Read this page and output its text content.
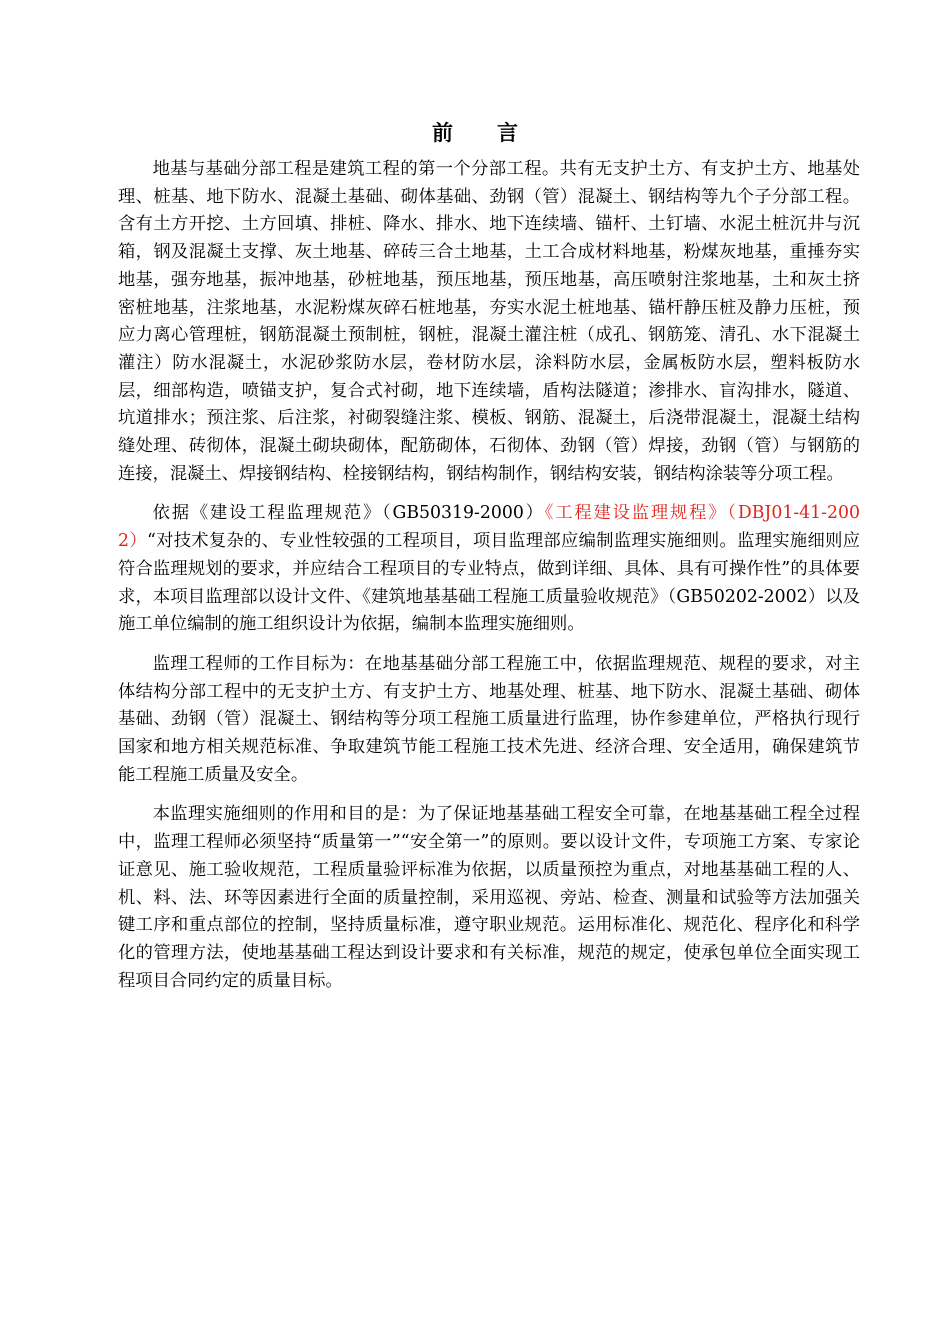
前 言

地基与基础分部工程是建筑工程的第一个分部工程。共有无支护土方、有支护土方、地基处理、桩基、地下防水、混凝土基础、砌体基础、劲钢（管）混凝土、钢结构等九个子分部工程。含有土方开挖、土方回填、排桩、降水、排水、地下连续墙、锚杆、土钉墙、水泥土桩沉井与沉箱，钢及混凝土支撑、灰土地基、碎砖三合土地基，土工合成材料地基，粉煤灰地基，重捶夯实地基，强夯地基，振冲地基，砂桩地基，预压地基，预压地基，高压喷射注浆地基，土和灰土挤密桩地基，注浆地基，水泥粉煤灰碎石桩地基，夯实水泥土桩地基、锚杆静压桩及静力压桩，预应力离心管理桩，钢筋混凝土预制桩，钢桩，混凝土灌注桩（成孔、钢筋笼、清孔、水下混凝土灌注）防水混凝土，水泥砂浆防水层，卷材防水层，涂料防水层，金属板防水层，塑料板防水层，细部构造，喷锚支护，复合式衬砌，地下连续墙，盾构法隧道；渗排水、盲沟排水，隧道、坑道排水；预注浆、后注浆，衬砌裂缝注浆、模板、钢筋、混凝土，后浇带混凝土，混凝土结构缝处理、砖彻体，混凝土砌块砌体，配筋砌体，石彻体、劲钢（管）焊接，劲钢（管）与钢筋的连接，混凝土、焊接钢结构、栓接钢结构，钢结构制作，钢结构安装，钢结构涂装等分项工程。

依据《建设工程监理规范》（GB50319-2000）《工程建设监理规程》（DBJ01-41-2002）“对技术复杂的、专业性较强的工程项目，项目监理部应编制监理实施细则。监理实施细则应符合监理规划的要求，并应结合工程项目的专业特点，做到详细、具体、具有可操作性”的具体要求，本项目监理部以设计文件、《建筑地基基础工程施工质量验收规范》（GB50202-2002）以及施工单位编制的施工组织设计为依据，编制本监理实施细则。

监理工程师的工作目标为：在地基基础分部工程施工中，依据监理规范、规程的要求，对主体结构分部工程中的无支护土方、有支护土方、地基处理、桩基、地下防水、混凝土基础、砌体基础、劲钢（管）混凝土、钢结构等分项工程施工质量进行监理，协作参建单位，严格执行现行国家和地方相关规范标准、争取建筑节能工程施工技术先进、经济合理、安全适用，确保建筑节能工程施工质量及安全。

本监理实施细则的作用和目的是：为了保证地基基础工程安全可靠，在地基基础工程全过程中，监理工程师必须坚持“质量第一”“安全第一”的原则。要以设计文件，专项施工方案、专家论证意见、施工验收规范，工程质量验评标准为依据，以质量预控为重点，对地基基础工程的人、机、料、法、环等因素进行全面的质量控制，采用巡视、旁站、检查、测量和试验等方法加强关键工序和重点部位的控制，坚持质量标准，遵守职业规范。运用标准化、规范化、程序化和科学化的管理方法，使地基基础工程达到设计要求和有关标准，规范的规定，使承包单位全面实现工程项目合同约定的质量目标。
